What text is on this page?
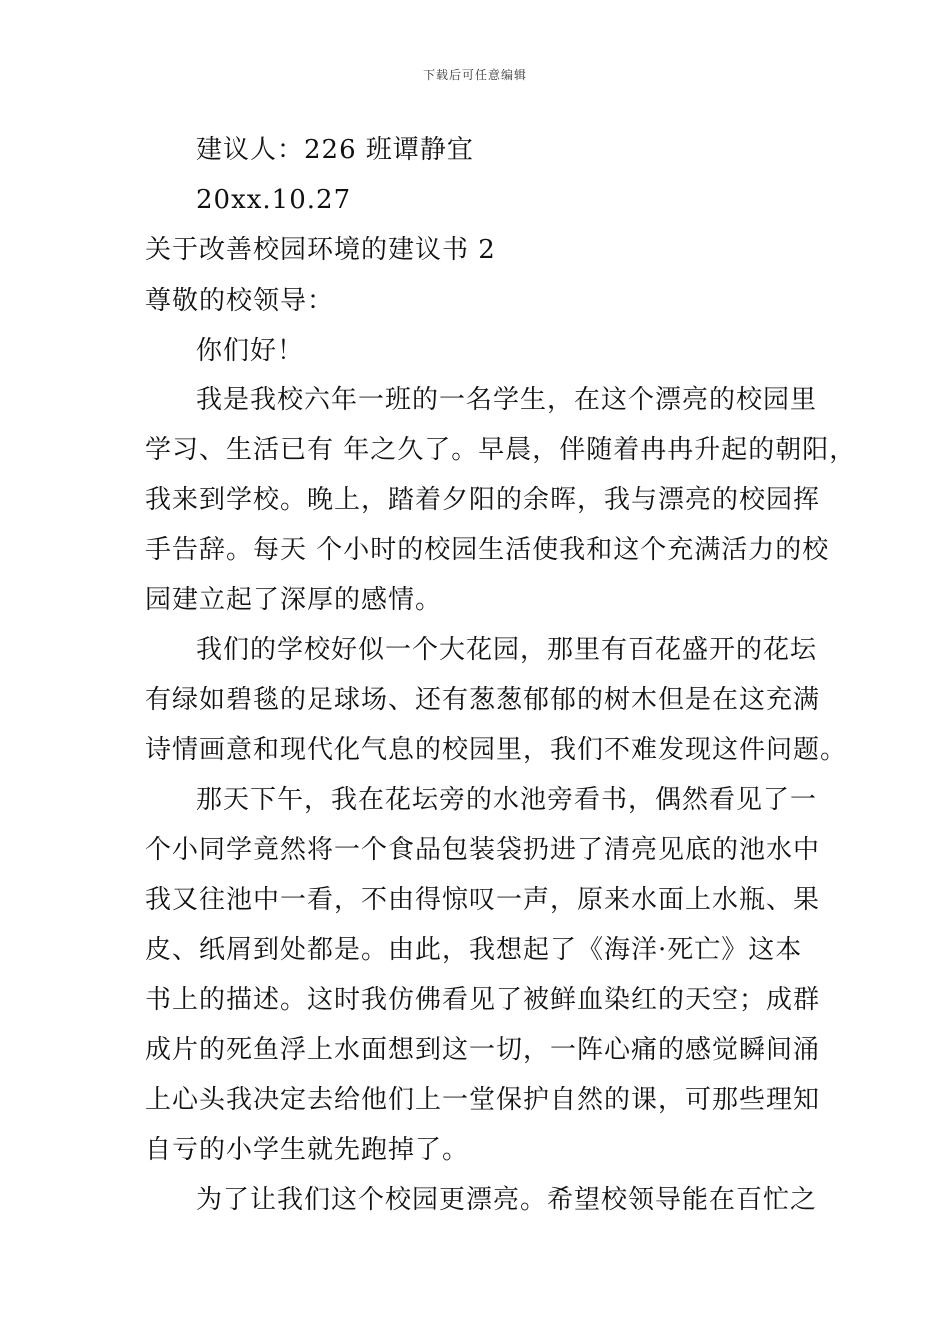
下载后可任意编辑
建议人：226 班谭静宜
20xx.10.27
关于改善校园环境的建议书 2
尊敬的校领导：
你们好！
我是我校六年一班的一名学生，在这个漂亮的校园里
学习、生活已有 年之久了。早晨，伴随着冉冉升起的朝阳，
我来到学校。晚上，踏着夕阳的余晖，我与漂亮的校园挥
手告辞。每天 个小时的校园生活使我和这个充满活力的校
园建立起了深厚的感情。
我们的学校好似一个大花园，那里有百花盛开的花坛
有绿如碧毯的足球场、还有葱葱郁郁的树木但是在这充满
诗情画意和现代化气息的校园里，我们不难发现这件问题。
那天下午，我在花坛旁的水池旁看书，偶然看见了一
个小同学竟然将一个食品包装袋扔进了清亮见底的池水中
我又往池中一看，不由得惊叹一声，原来水面上水瓶、果
皮、纸屑到处都是。由此，我想起了《海洋·死亡》这本
书上的描述。这时我仿佛看见了被鲜血染红的天空；成群
成片的死鱼浮上水面想到这一切，一阵心痛的感觉瞬间涌
上心头我决定去给他们上一堂保护自然的课，可那些理知
自亏的小学生就先跑掉了。
为了让我们这个校园更漂亮。希望校领导能在百忙之
